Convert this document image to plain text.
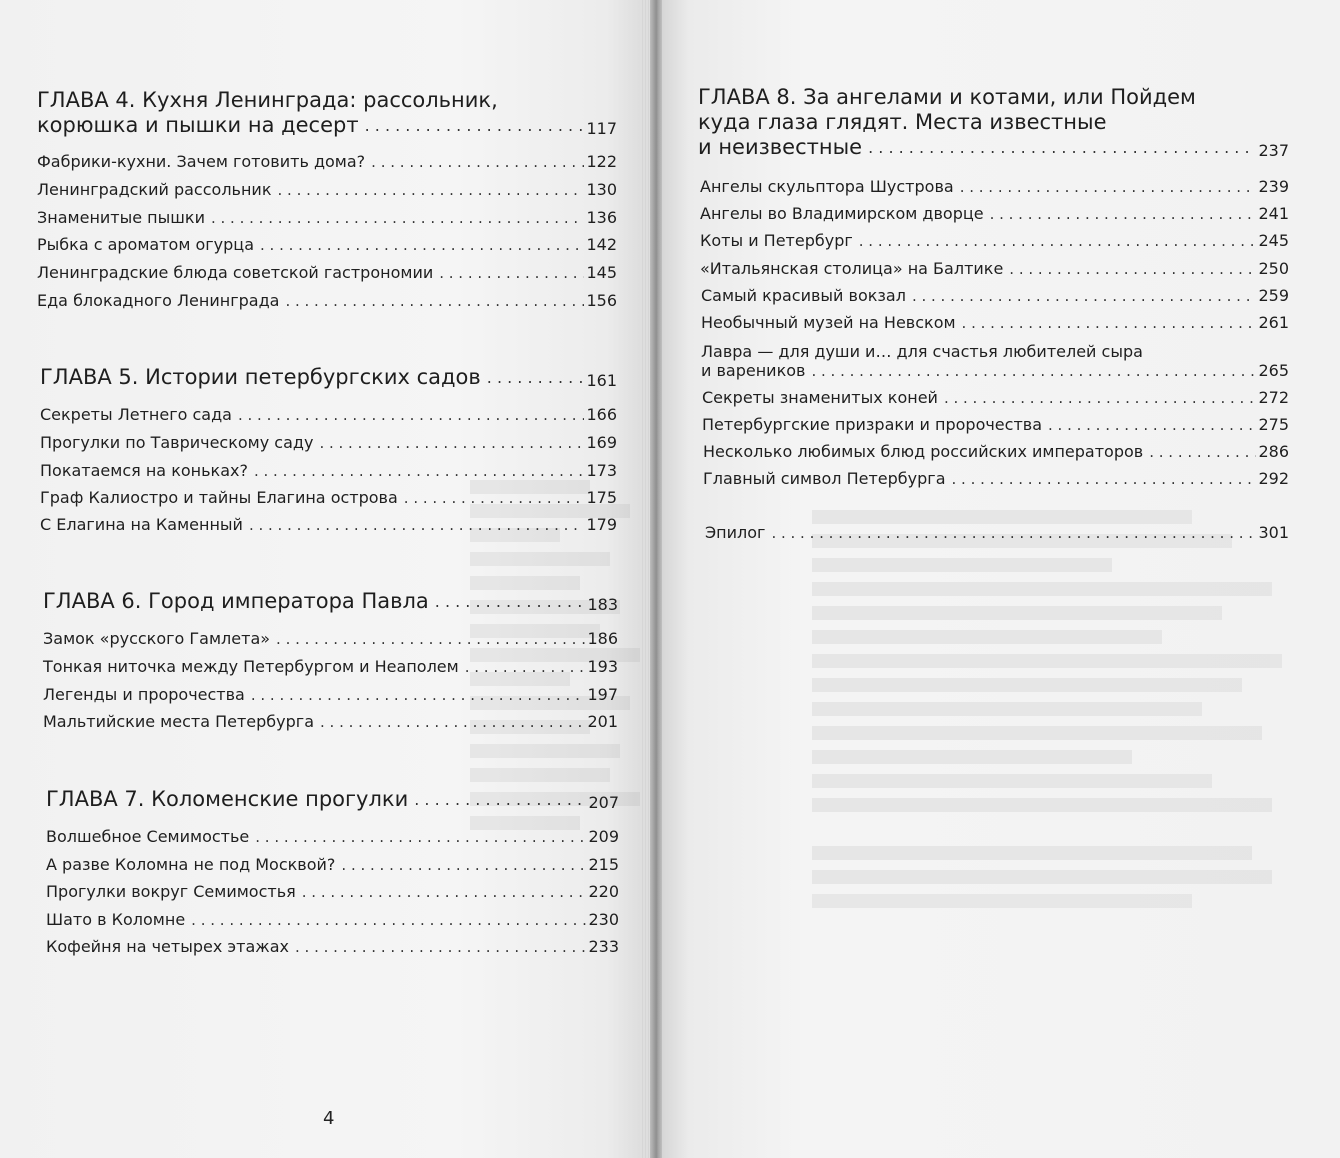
ГЛАВА 4. Кухня Ленинграда: рассольник,
корюшка и пышки на десерт . . .	117
Фабрики-кухни. Зачем готовить дома? . . .	122
Ленинградский рассольник . . .	130
Знаменитые пышки . . .	136
Рыбка с ароматом огурца . . .	142
Ленинградские блюда советской гастрономии . . .	145
Еда блокадного Ленинграда . . .	156
ГЛАВА 5. Истории петербургских садов . . .	161
Секреты Летнего сада . . .	166
Прогулки по Таврическому саду . . .	169
Покатаемся на коньках? . . .	173
Граф Калиостро и тайны Елагина острова . . .	175
С Елагина на Каменный . . .	179
ГЛАВА 6. Город императора Павла . . .	183
Замок «русского Гамлета» . . .	186
Тонкая ниточка между Петербургом и Неаполем . . .	193
Легенды и пророчества . . .	197
Мальтийские места Петербурга . . .	201
ГЛАВА 7. Коломенские прогулки . . .	207
Волшебное Семимостье . . .	209
А разве Коломна не под Москвой? . . .	215
Прогулки вокруг Семимостья . . .	220
Шато в Коломне . . .	230
Кофейня на четырех этажах . . .	233
4
ГЛАВА 8. За ангелами и котами, или Пойдем
куда глаза глядят. Места известные
и неизвестные . . .	237
Ангелы скульптора Шустрова . . .	239
Ангелы во Владимирском дворце . . .	241
Коты и Петербург . . .	245
«Итальянская столица» на Балтике . . .	250
Самый красивый вокзал . . .	259
Необычный музей на Невском . . .	261
Лавра — для души и… для счастья любителей сыра
и вареников . . .	265
Секреты знаменитых коней . . .	272
Петербургские призраки и пророчества . . .	275
Несколько любимых блюд российских императоров . . .	286
Главный символ Петербурга . . .	292
Эпилог . . .	301
